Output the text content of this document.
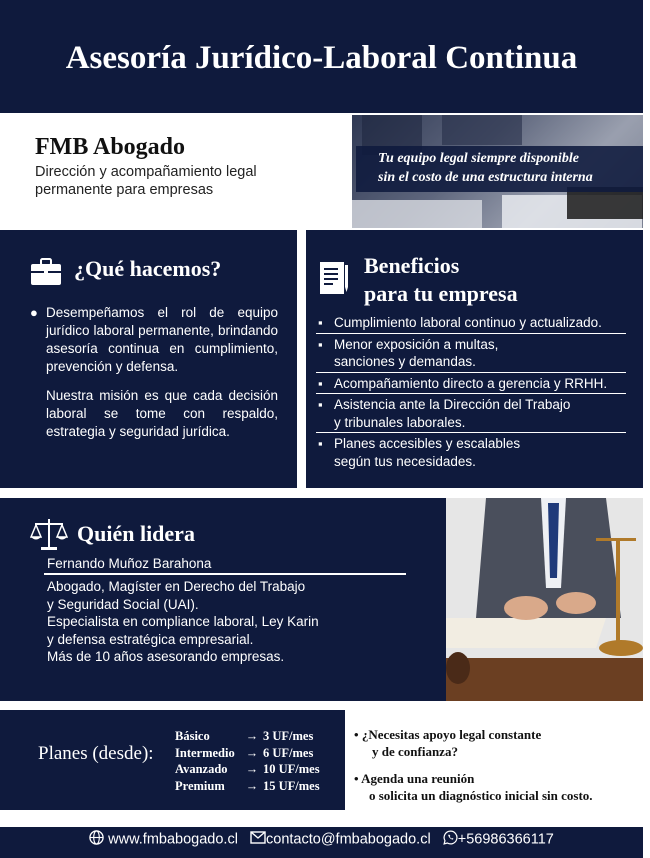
Asesoría Jurídico-Laboral Continua
FMB Abogado
Dirección y acompañamiento legal
permanente para empresas
Tu equipo legal siempre disponible
sin el costo de una estructura interna
¿Qué hacemos?
● Desempeñamos el rol de equipo jurídico laboral permanente, brindando asesoría continua en cumplimiento, prevención y defensa.
Nuestra misión es que cada decisión laboral se tome con respaldo, estrategia y seguridad jurídica.
Beneficios
para tu empresa
▪ Cumplimiento laboral continuo y actualizado.
▪ Menor exposición a multas,
sanciones y demandas.
▪ Acompañamiento directo a gerencia y RRHH.
▪ Asistencia ante la Dirección del Trabajo
y tribunales laborales.
▪ Planes accesibles y escalables
según tus necesidades.
Quién lidera
Fernando Muñoz Barahona
Abogado, Magíster en Derecho del Trabajo
y Seguridad Social (UAI).
Especialista en compliance laboral, Ley Karin
y defensa estratégica empresarial.
Más de 10 años asesorando empresas.
Planes (desde):
Básico	→	3 UF/mes
Intermedio	→	6 UF/mes
Avanzado	→	10 UF/mes
Premium	→	15 UF/mes
• ¿Necesitas apoyo legal constante
y de confianza?
• Agenda una reunión
o solicita un diagnóstico inicial sin costo.
www.fmbabogado.cl contacto@fmbabogado.cl +56986366117
